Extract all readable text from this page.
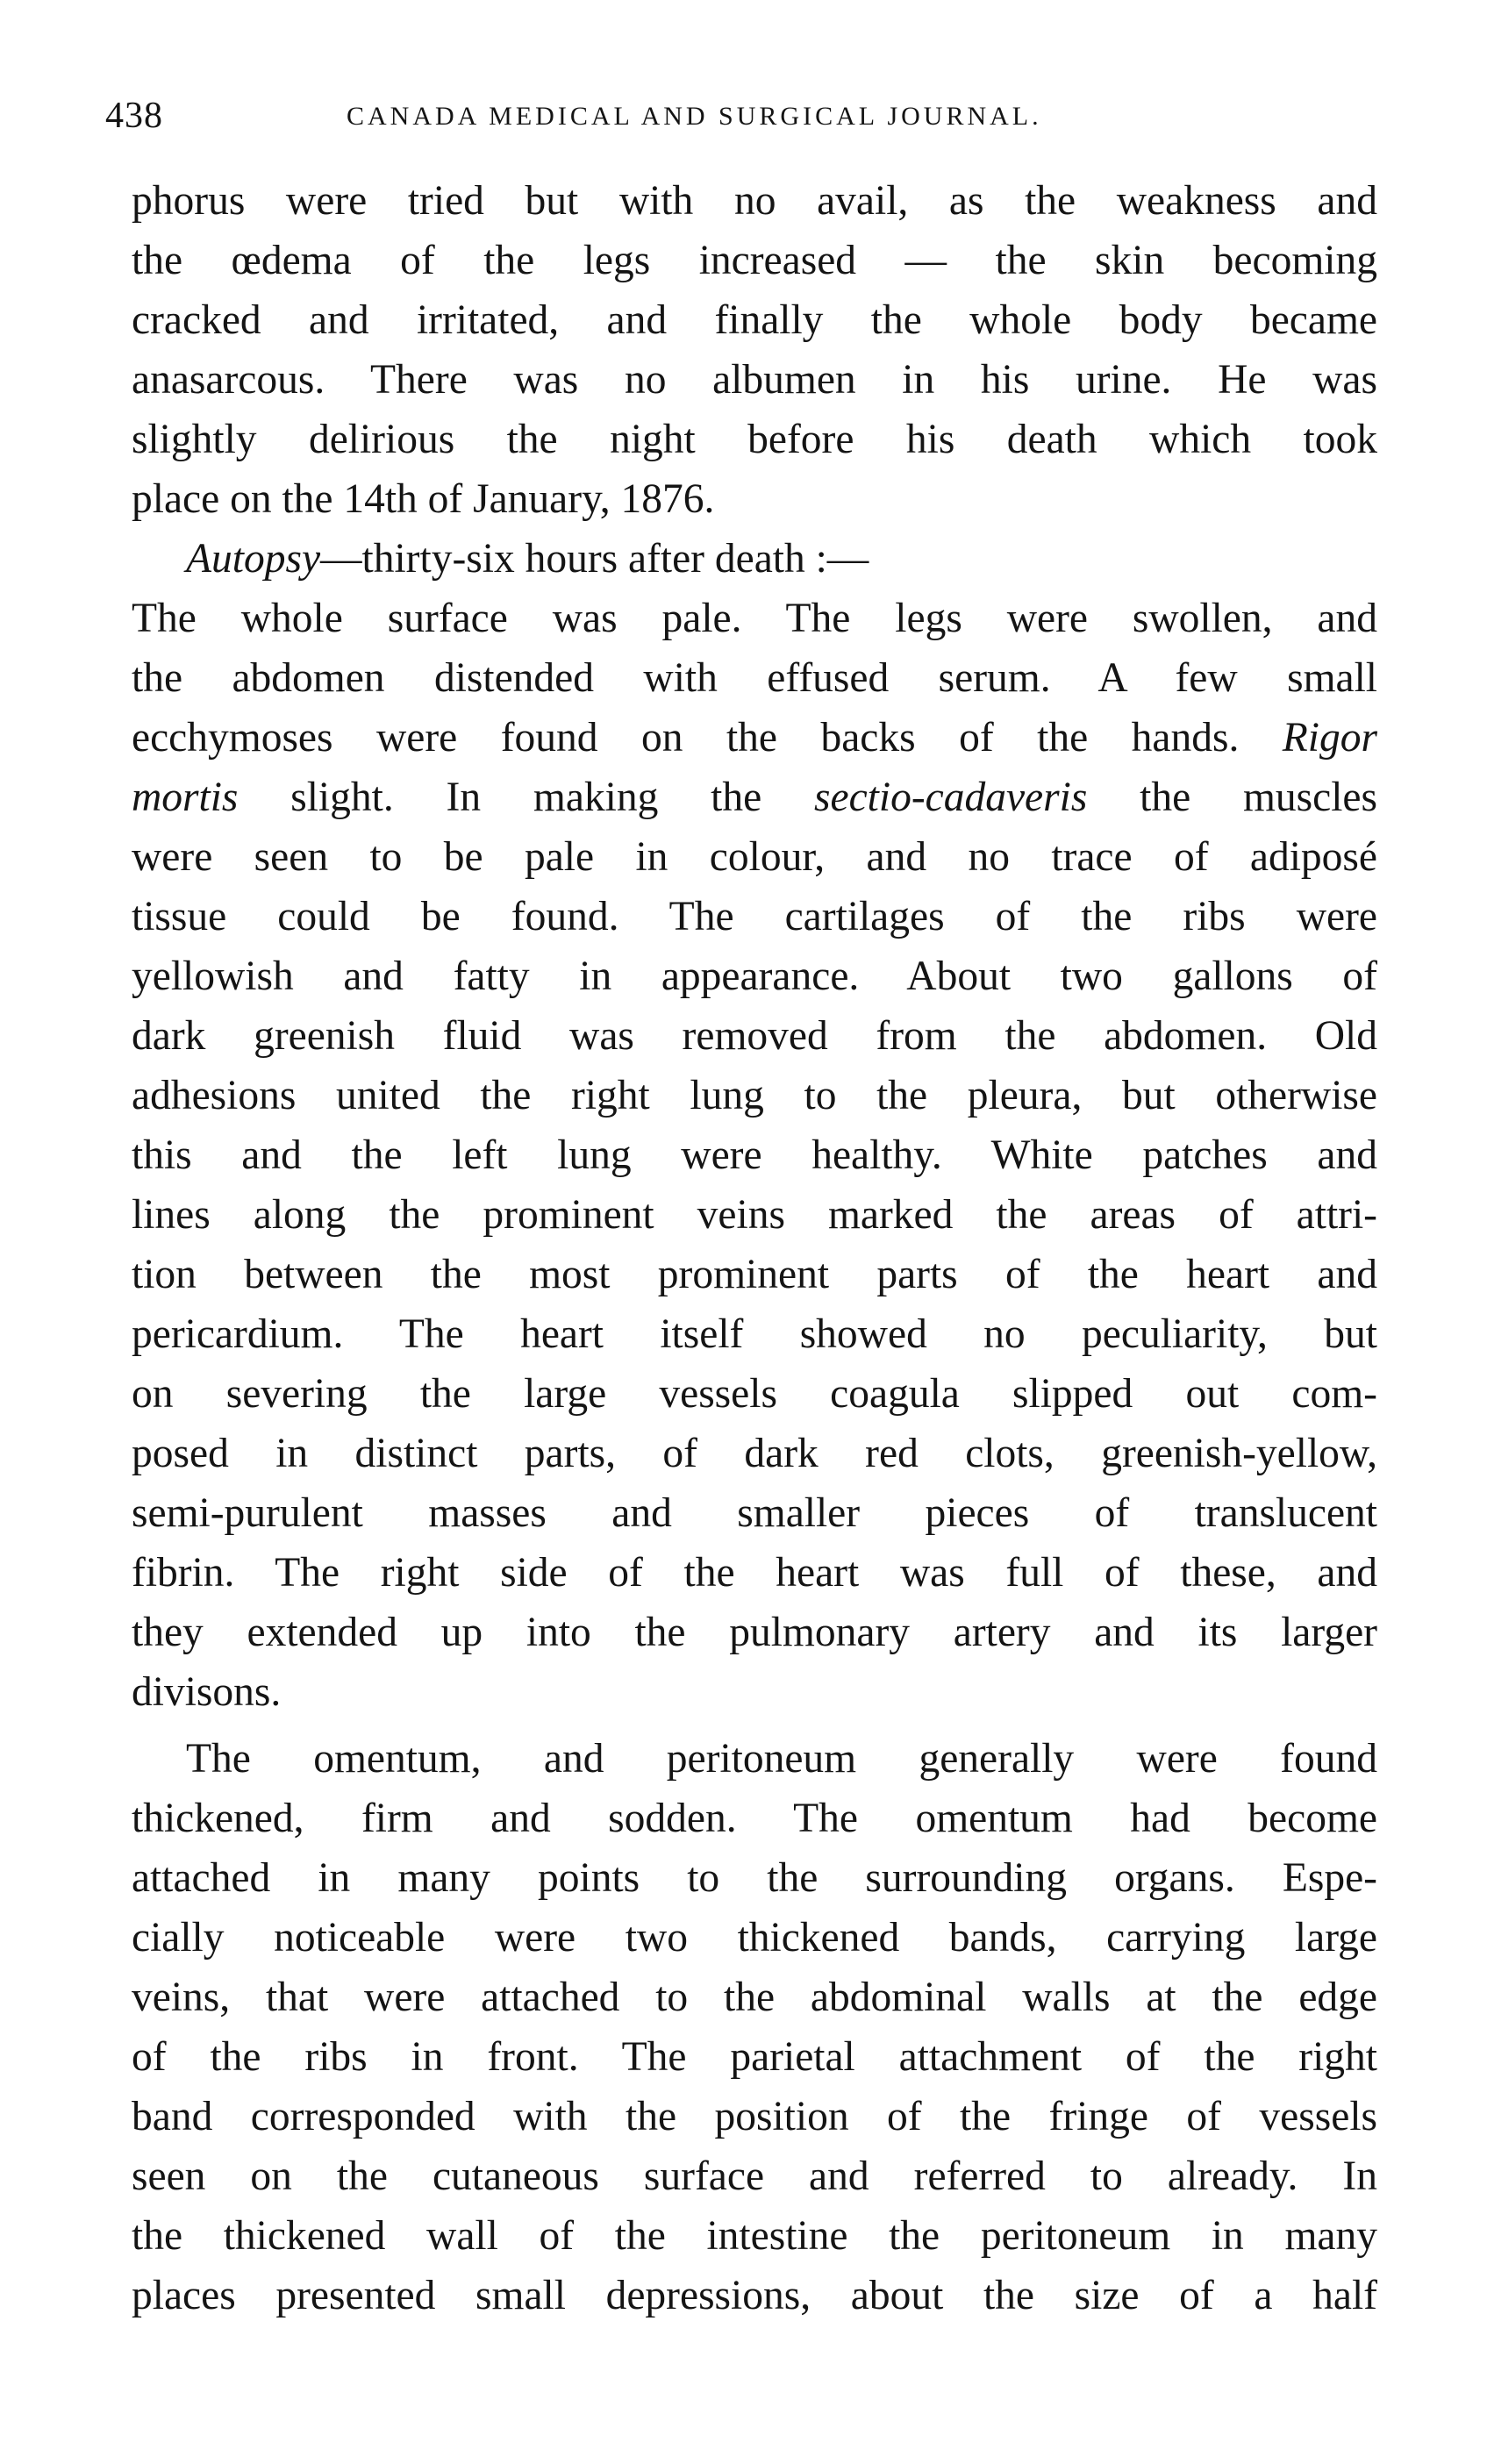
438	CANADA MEDICAL AND SURGICAL JOURNAL.
phorus were tried but with no avail, as the weakness and
the œdema of the legs increased — the skin becoming
cracked and irritated, and finally the whole body became
anasarcous. There was no albumen in his urine. He was
slightly delirious the night before his death which took
place on the 14th of January, 1876.
Autopsy—thirty-six hours after death :—
The whole surface was pale. The legs were swollen, and
the abdomen distended with effused serum. A few small
ecchymoses were found on the backs of the hands. Rigor
mortis slight. In making the sectio-cadaveris the muscles
were seen to be pale in colour, and no trace of adiposé
tissue could be found. The cartilages of the ribs were
yellowish and fatty in appearance. About two gallons of
dark greenish fluid was removed from the abdomen. Old
adhesions united the right lung to the pleura, but otherwise
this and the left lung were healthy. White patches and
lines along the prominent veins marked the areas of attri-
tion between the most prominent parts of the heart and
pericardium. The heart itself showed no peculiarity, but
on severing the large vessels coagula slipped out com-
posed in distinct parts, of dark red clots, greenish-yellow,
semi-purulent masses and smaller pieces of translucent
fibrin. The right side of the heart was full of these, and
they extended up into the pulmonary artery and its larger
divisons.
The omentum, and peritoneum generally were found
thickened, firm and sodden. The omentum had become
attached in many points to the surrounding organs. Espe-
cially noticeable were two thickened bands, carrying large
veins, that were attached to the abdominal walls at the edge
of the ribs in front. The parietal attachment of the right
band corresponded with the position of the fringe of vessels
seen on the cutaneous surface and referred to already. In
the thickened wall of the intestine the peritoneum in many
places presented small depressions, about the size of a half
